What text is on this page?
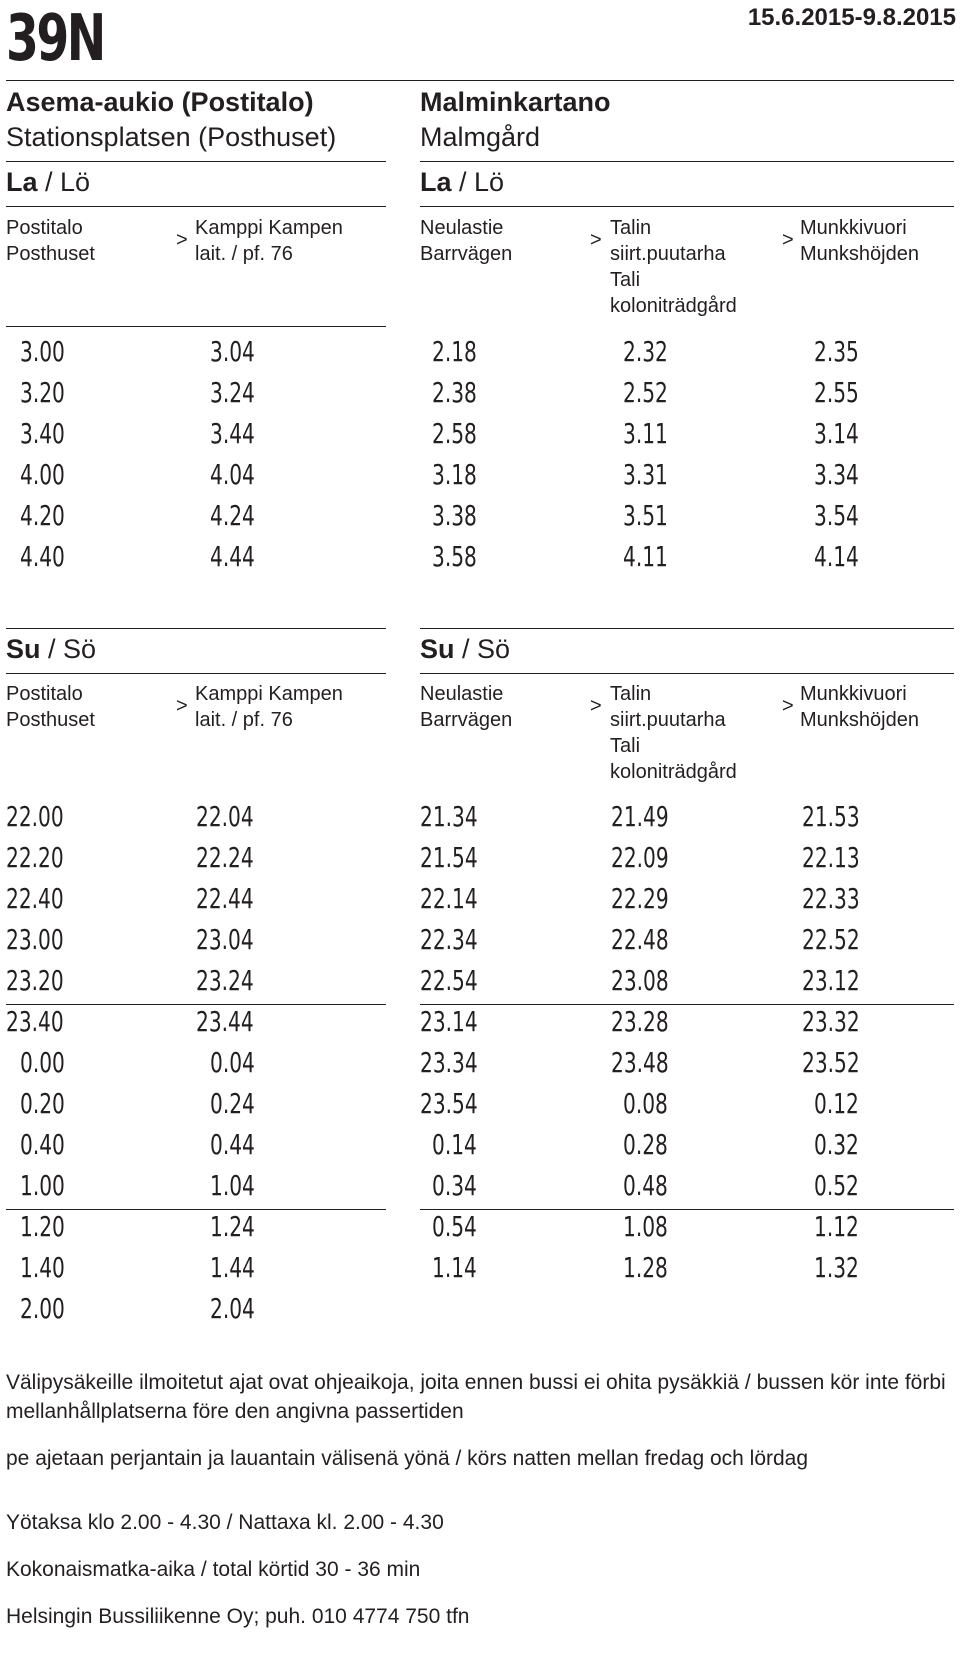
39N	15.6.2015-9.8.2015
Asema-aukio (Postitalo)
Stationsplatsen (Posthuset)
Malminkartano
Malmgård
La / Lö	La / Lö
Postitalo
Posthuset
Kamppi Kampen
lait. / pf. 76
Neulastie
Barrvägen
Talin
siirt.puutarha
Tali
koloniträdgård
Munkkivuori
Munkshöjden
>	>	>
3.00	3.04
3.20	3.24
3.40	3.44
4.00	4.04
4.20	4.24
4.40	4.44
2.18	2.32	2.35
2.38	2.52	2.55
2.58	3.11	3.14
3.18	3.31	3.34
3.38	3.51	3.54
3.58	4.11	4.14
Su / Sö	Su / Sö
Postitalo
Posthuset
Kamppi Kampen
lait. / pf. 76
Neulastie
Barrvägen
Talin
siirt.puutarha
Tali
koloniträdgård
Munkkivuori
Munkshöjden
>	>	>
22.00	22.04
22.20	22.24
22.40	22.44
23.00	23.04
23.20	23.24
23.40	23.44
0.00	0.04
0.20	0.24
0.40	0.44
1.00	1.04
1.20	1.24
1.40	1.44
2.00	2.04
21.34	21.49	21.53
21.54	22.09	22.13
22.14	22.29	22.33
22.34	22.48	22.52
22.54	23.08	23.12
23.14	23.28	23.32
23.34	23.48	23.52
23.54	0.08	0.12
0.14	0.28	0.32
0.34	0.48	0.52
0.54	1.08	1.12
1.14	1.28	1.32
Välipysäkeille ilmoitetut ajat ovat ohjeaikoja, joita ennen bussi ei ohita pysäkkiä / bussen kör inte förbi mellanhållplatserna före den angivna passertiden
pe ajetaan perjantain ja lauantain välisenä yönä / körs natten mellan fredag och lördag
Yötaksa klo 2.00 - 4.30 / Nattaxa kl. 2.00 - 4.30
Kokonaismatka-aika / total körtid 30 - 36 min
Helsingin Bussiliikenne Oy; puh. 010 4774 750 tfn
